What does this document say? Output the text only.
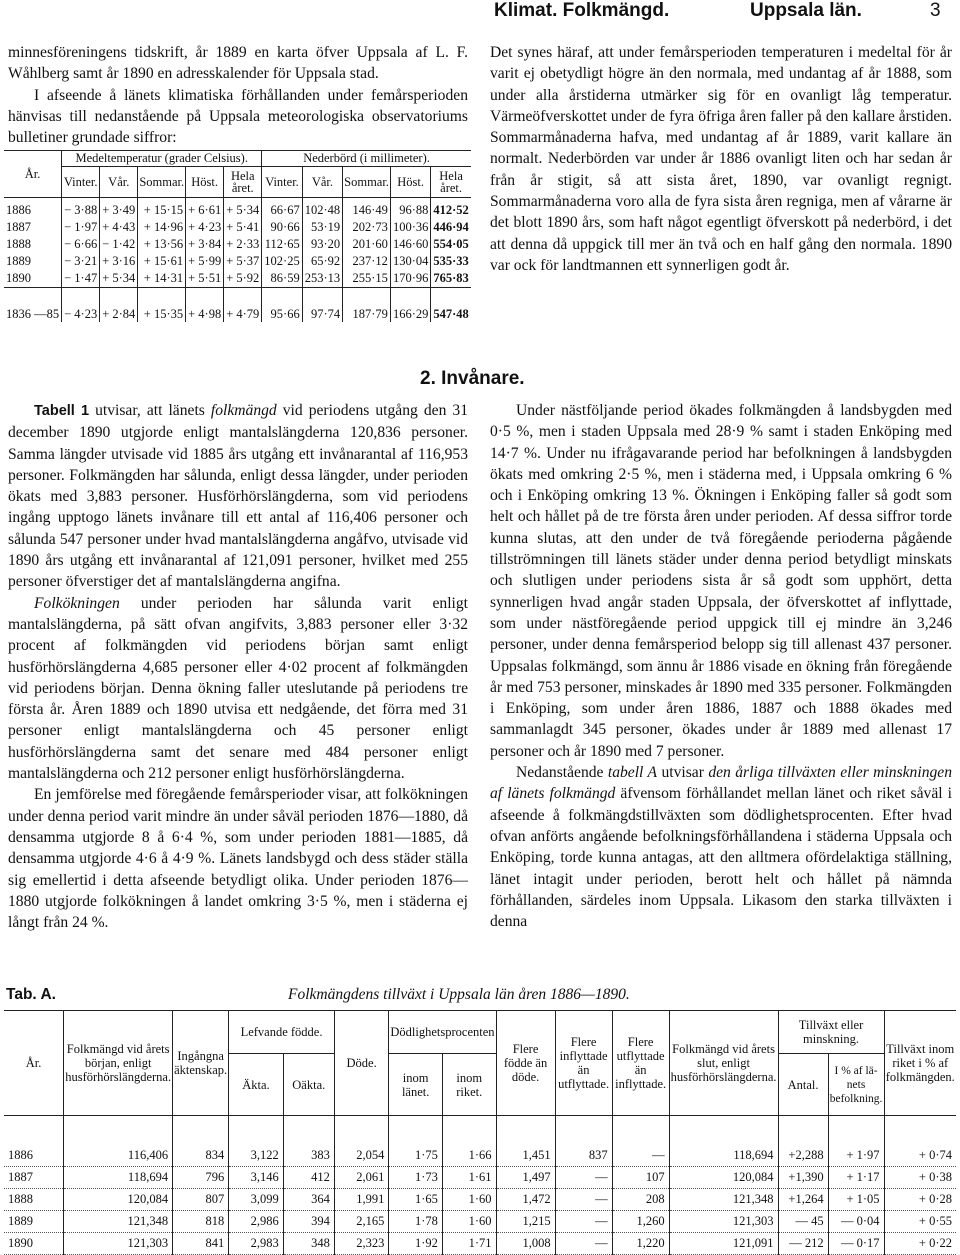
Klimat. Folkmängd.	Uppsala län.	3

minnesföreningens tidskrift, år 1889 en karta öfver Uppsala af L. F. Wåhlberg samt år 1890 en adresskalender för Uppsala stad.

I afseende å länets klimatiska förhållanden under femårsperioden hänvisas till nedanstående på Uppsala meteorologiska observatoriums bulletiner grundade siffror:

År.	Medeltemperatur (grader Celsius).					Nederbörd (i millimeter).				
	Vinter.	Vår.	Sommar.	Höst.	Hela året.	Vinter.	Vår.	Sommar.	Höst.	Hela året.
1886	− 3·88	+ 3·49	+ 15·15	+ 6·61	+ 5·34	66·67	102·48	146·49	96·88	412·52
1887	− 1·97	+ 4·43	+ 14·96	+ 4·23	+ 5·41	90·66	53·19	202·73	100·36	446·94
1888	− 6·66	− 1·42	+ 13·56	+ 3·84	+ 2·33	112·65	93·20	201·60	146·60	554·05
1889	− 3·21	+ 3·16	+ 15·61	+ 5·99	+ 5·37	102·25	65·92	237·12	130·04	535·33
1890	− 1·47	+ 5·34	+ 14·31	+ 5·51	+ 5·92	86·59	253·13	255·15	170·96	765·83
1836 —85	− 4·23	+ 2·84	+ 15·35	+ 4·98	+ 4·79	95·66	97·74	187·79	166·29	547·48

Det synes häraf, att under femårsperioden temperaturen i medeltal för år varit ej obetydligt högre än den normala, med undantag af år 1888, som under alla årstiderna utmärker sig för en ovanligt låg temperatur. Värmeöfverskottet under de fyra öfriga åren faller på den kallare årstiden. Sommarmånaderna hafva, med undantag af år 1889, varit kallare än normalt. Nederbörden var under år 1886 ovanligt liten och har sedan år från år stigit, så att sista året, 1890, var ovanligt regnigt. Sommarmånaderna voro alla de fyra sista åren regniga, men af vårarne är det blott 1890 års, som haft något egentligt öfverskott på nederbörd, i det att denna då uppgick till mer än två och en half gång den normala. 1890 var ock för landtmannen ett synnerligen godt år.

2. Invånare.

Tabell 1 utvisar, att länets folkmängd vid periodens utgång den 31 december 1890 utgjorde enligt mantalslängderna 120,836 personer. Samma längder utvisade vid 1885 års utgång ett invånarantal af 116,953 personer. Folkmängden har sålunda, enligt dessa längder, under perioden ökats med 3,883 personer. Husförhörslängderna, som vid periodens ingång upptogo länets invånare till ett antal af 116,406 personer och sålunda 547 personer under hvad mantalslängderna angåfvo, utvisade vid 1890 års utgång ett invånarantal af 121,091 personer, hvilket med 255 personer öfverstiger det af mantalslängderna angifna.

Folkökningen under perioden har sålunda varit enligt mantalslängderna, på sätt ofvan angifvits, 3,883 personer eller 3·32 procent af folkmängden vid periodens början samt enligt husförhörslängderna 4,685 personer eller 4·02 procent af folkmängden vid periodens början. Denna ökning faller uteslutande på periodens tre första år. Åren 1889 och 1890 utvisa ett nedgående, det förra med 31 personer enligt mantalslängderna och 45 personer enligt husförhörslängderna samt det senare med 484 personer enligt mantalslängderna och 212 personer enligt husförhörslängderna.

En jemförelse med föregående femårsperioder visar, att folkökningen under denna period varit mindre än under såväl perioden 1876—1880, då densamma utgjorde 8 å 6·4 %, som under perioden 1881—1885, då densamma utgjorde 4·6 å 4·9 %. Länets landsbygd och dess städer ställa sig emellertid i detta afseende betydligt olika. Under perioden 1876—1880 utgjorde folkökningen å landet omkring 3·5 %, men i städerna ej långt från 24 %.

Under nästföljande period ökades folkmängden å landsbygden med 0·5 %, men i staden Uppsala med 28·9 % samt i staden Enköping med 14·7 %. Under nu ifrågavarande period har befolkningen å landsbygden ökats med omkring 2·5 %, men i städerna med, i Uppsala omkring 6 % och i Enköping omkring 13 %. Ökningen i Enköping faller så godt som helt och hållet på de tre första åren under perioden. Af dessa siffror torde kunna slutas, att den under de två föregående perioderna pågående tillströmningen till länets städer under denna period betydligt minskats och slutligen under periodens sista år så godt som upphört, detta synnerligen hvad angår staden Uppsala, der öfverskottet af inflyttade, som under nästföregående period uppgick till ej mindre än 3,246 personer, under denna femårsperiod belopp sig till allenast 437 personer. Uppsalas folkmängd, som ännu år 1886 visade en ökning från föregående år med 753 personer, minskades år 1890 med 335 personer. Folkmängden i Enköping, som under åren 1886, 1887 och 1888 ökades med sammanlagdt 345 personer, ökades under år 1889 med allenast 17 personer och år 1890 med 7 personer.

Nedanstående tabell A utvisar den årliga tillväxten eller minskningen af länets folkmängd äfvensom förhållandet mellan länet och riket såväl i afseende å folkmängdstillväxten som dödlighetsprocenten. Efter hvad ofvan anförts angående befolkningsförhållandena i städerna Uppsala och Enköping, torde kunna antagas, att den alltmera ofördelaktiga ställning, länet intagit under perioden, berott helt och hållet på nämnda förhållanden, särdeles inom Uppsala. Likasom den starka tillväxten i denna

Tab. A.	Folkmängdens tillväxt i Uppsala län åren 1886—1890.
År.	Folkmängd vid årets början, enligt husförhörslängderna.	Ingångna äktenskap.	Lefvande födde.		Döde.	Dödlighetsprocenten		Flere födde än döde.	Flere inflyttade än utflyttade.	Flere utflyttade än inflyttade.	Folkmängd vid årets slut, enligt husförhörslängderna.	Tillväxt eller minskning.		Tillväxt inom riket i % af folkmängden.
			Äkta.	Oäkta.		inom länet.	inom riket.					Antal.	I % af lä-nets befolkning.	
1886	116,406	834	3,122	383	2,054	1·75	1·66	1,451	837	—	118,694	+2,288	+ 1·97	+ 0·74
1887	118,694	796	3,146	412	2,061	1·73	1·61	1,497	—	107	120,084	+1,390	+ 1·17	+ 0·38
1888	120,084	807	3,099	364	1,991	1·65	1·60	1,472	—	208	121,348	+1,264	+ 1·05	+ 0·28
1889	121,348	818	2,986	394	2,165	1·78	1·60	1,215	—	1,260	121,303	— 45	— 0·04	+ 0·55
1890	121,303	841	2,983	348	2,323	1·92	1·71	1,008	—	1,220	121,091	— 212	— 0·17	+ 0·22
